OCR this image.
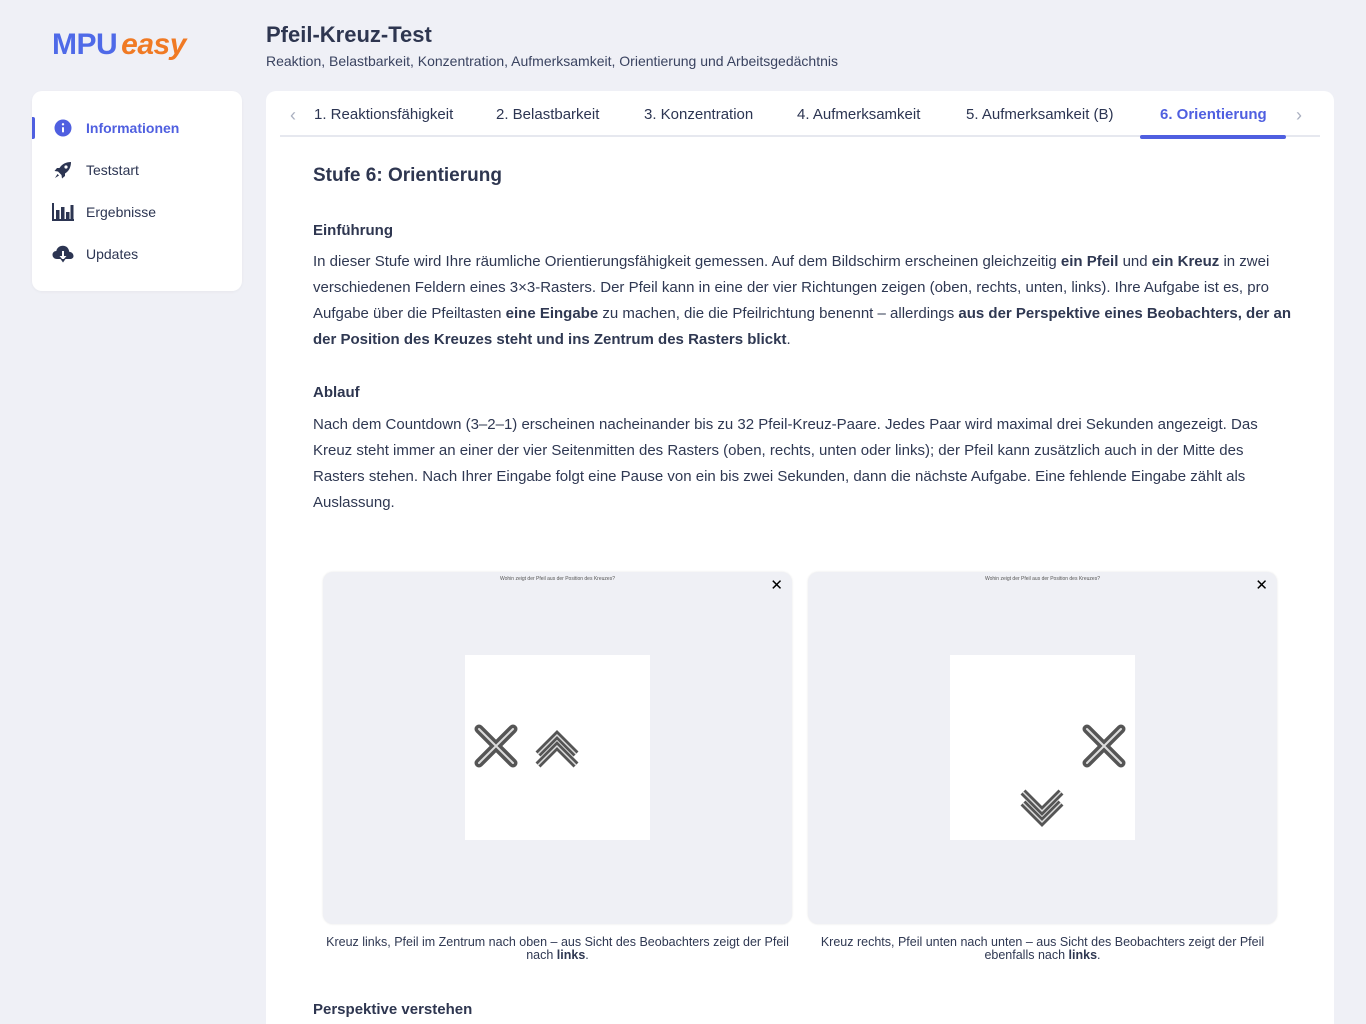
MPU easy	Pfeil-Kreuz-Test
Reaktion, Belastbarkeit, Konzentration, Aufmerksamkeit, Orientierung und Arbeitsgedächtnis
Informationen
Teststart
Ergebnisse
Updates
‹ 1. Reaktionsfähigkeit	2. Belastbarkeit	3. Konzentration	4. Aufmerksamkeit	5. Aufmerksamkeit (B)	6. Orientierung ›
Stufe 6: Orientierung
Einführung

In dieser Stufe wird Ihre räumliche Orientierungsfähigkeit gemessen. Auf dem Bildschirm erscheinen gleichzeitig ein Pfeil und ein Kreuz in zwei verschiedenen Feldern eines 3×3-Rasters. Der Pfeil kann in eine der vier Richtungen zeigen (oben, rechts, unten, links). Ihre Aufgabe ist es, pro Aufgabe über die Pfeiltasten eine Eingabe zu machen, die die Pfeilrichtung benennt – allerdings aus der Perspektive eines Beobachters, der an der Position des Kreuzes steht und ins Zentrum des Rasters blickt.

Ablauf

Nach dem Countdown (3–2–1) erscheinen nacheinander bis zu 32 Pfeil-Kreuz-Paare. Jedes Paar wird maximal drei Sekunden angezeigt. Das Kreuz steht immer an einer der vier Seitenmitten des Rasters (oben, rechts, unten oder links); der Pfeil kann zusätzlich auch in der Mitte des Rasters stehen. Nach Ihrer Eingabe folgt eine Pause von ein bis zwei Sekunden, dann die nächste Aufgabe. Eine fehlende Eingabe zählt als Auslassung.

Wohin zeigt der Pfeil aus der Position des Kreuzes?	✕
Kreuz links, Pfeil im Zentrum nach oben – aus Sicht des Beobachters zeigt der Pfeil nach links.
Wohin zeigt der Pfeil aus der Position des Kreuzes?	✕
Kreuz rechts, Pfeil unten nach unten – aus Sicht des Beobachters zeigt der Pfeil ebenfalls nach links.
Perspektive verstehen
